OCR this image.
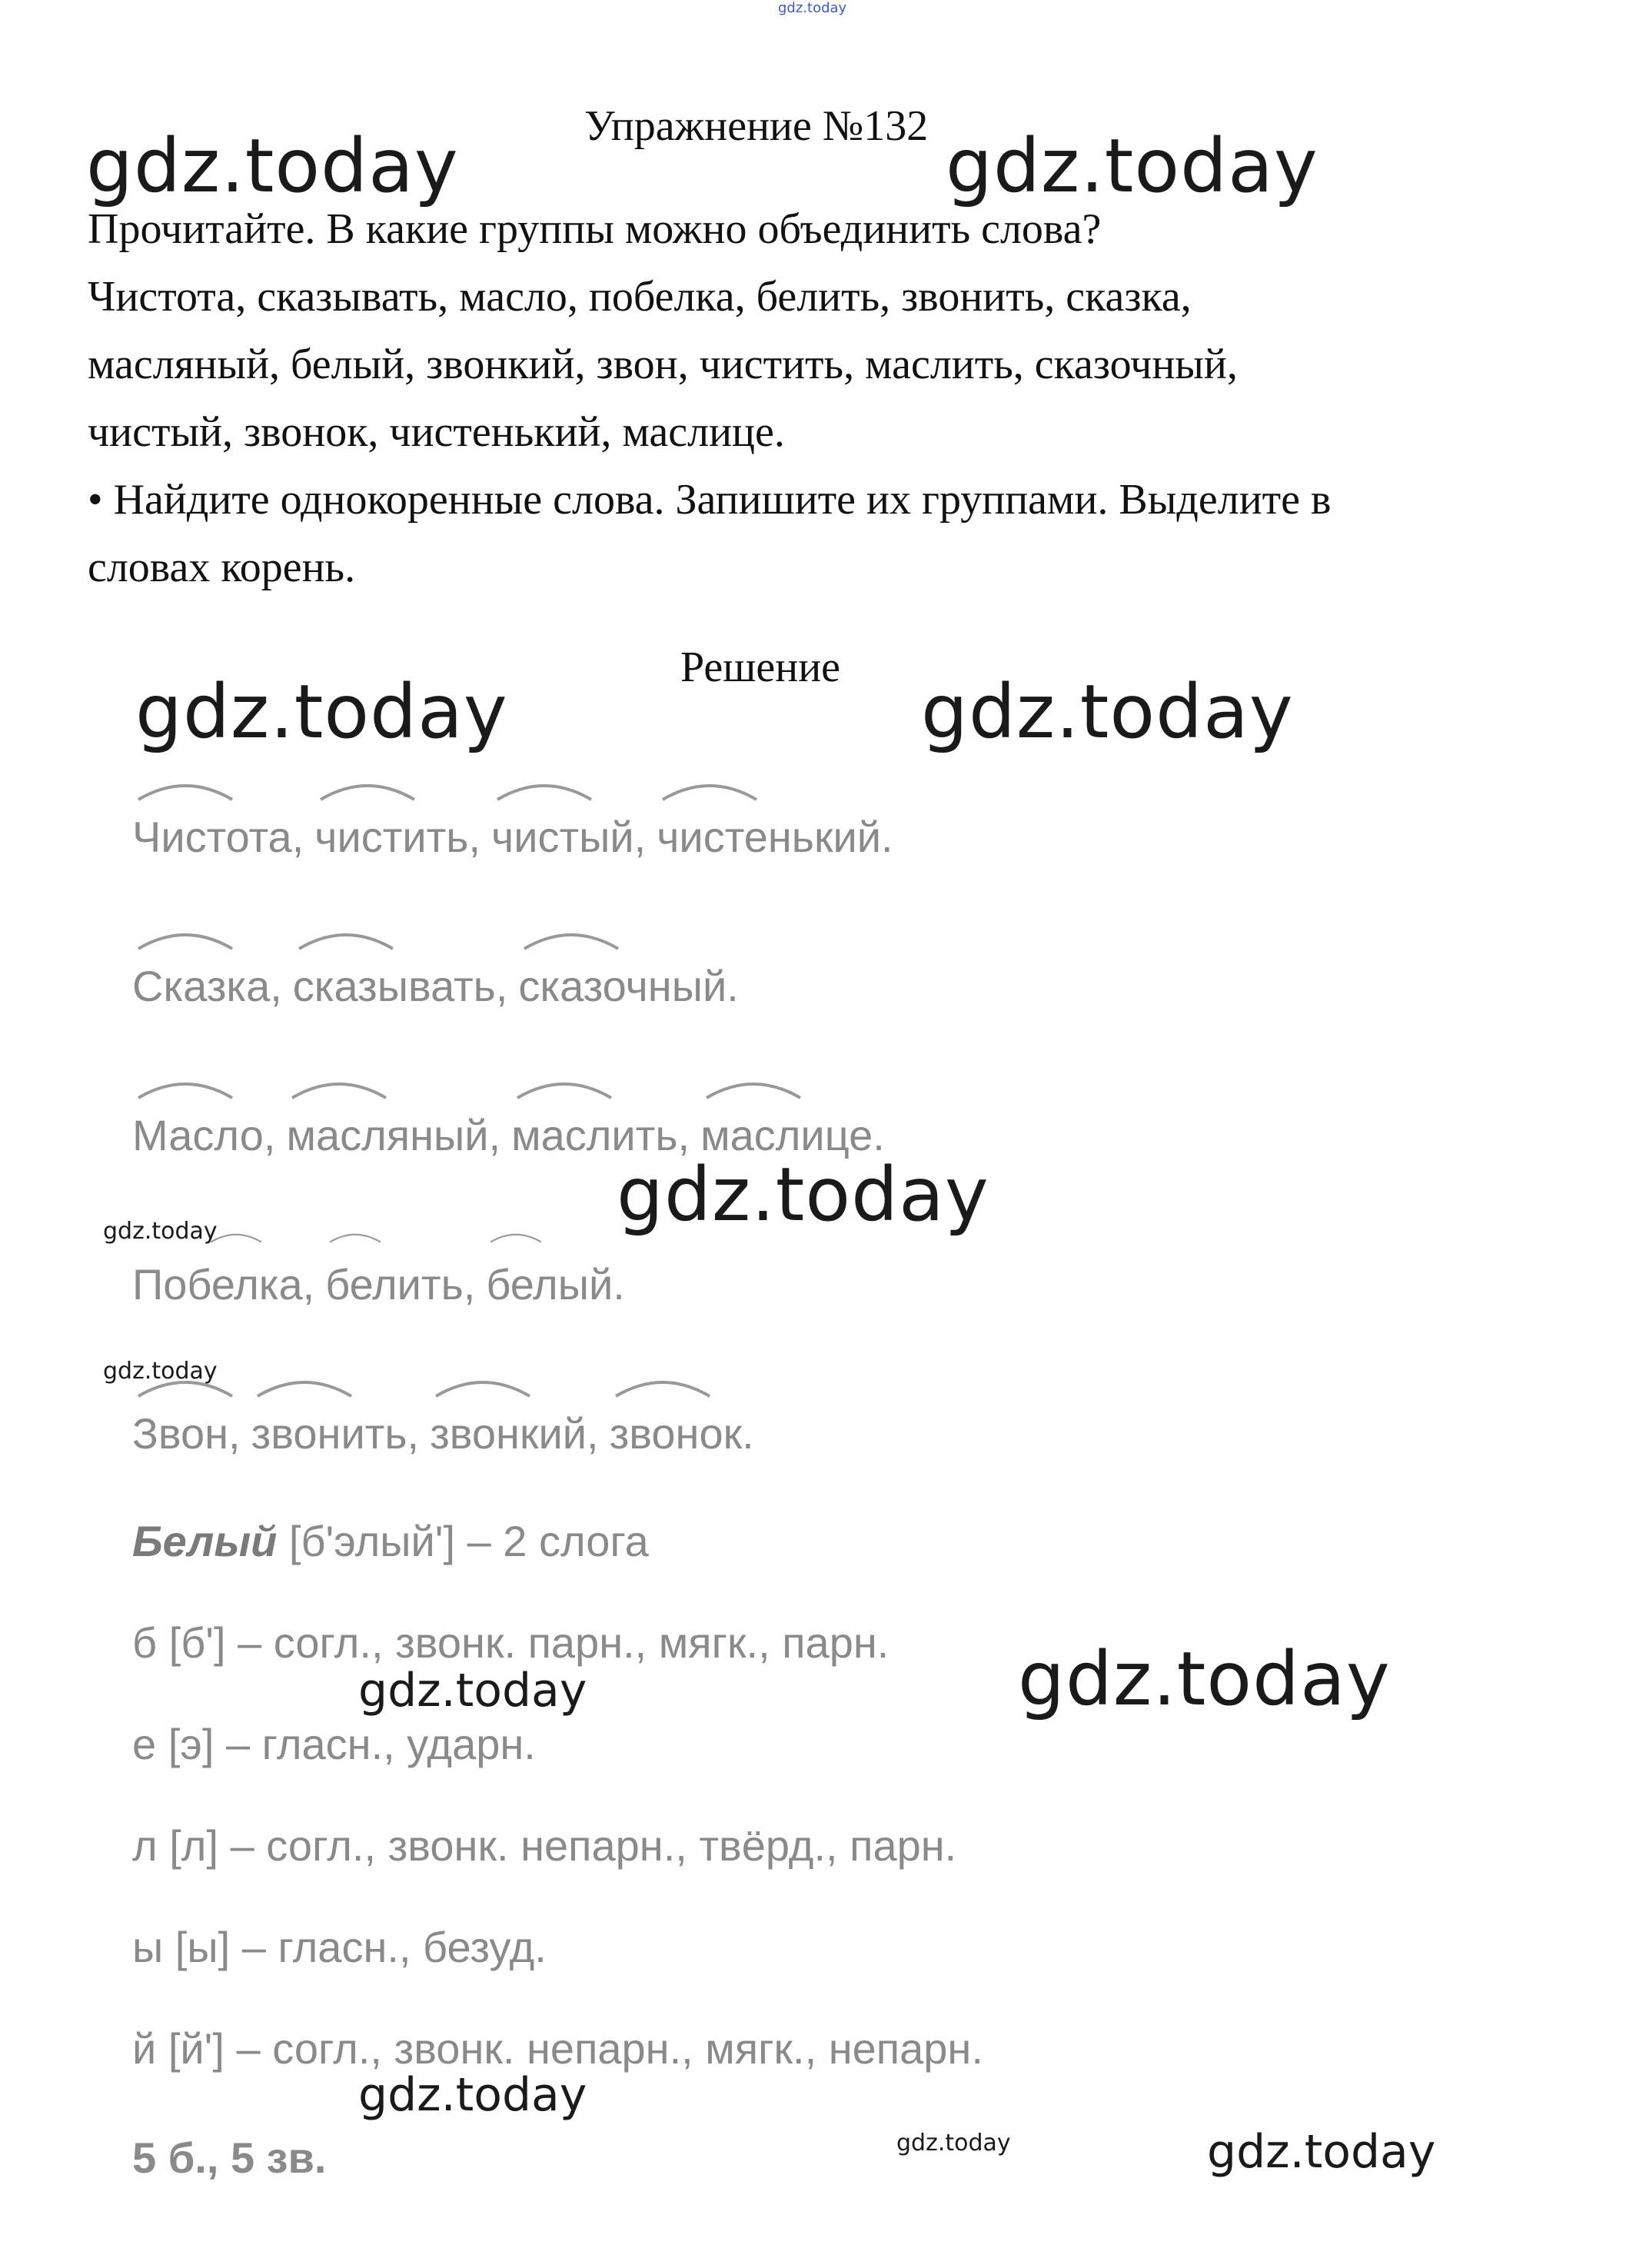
gdz.today
Упражнение №132
gdz.today	gdz.today
Прочитайте. В какие группы можно объединить слова?
Чистота, сказывать, масло, побелка, белить, звонить, сказка,
масляный, белый, звонкий, звон, чистить, маслить, сказочный,
чистый, звонок, чистенький, маслице.
• Найдите однокоренные слова. Запишите их группами. Выделите в
словах корень.
Решение
gdz.today	gdz.today
Чистота, чистить, чистый, чистенький.
Сказка, сказывать, сказочный.
Масло, масляный, маслить, маслице.
gdz.today
gdz.today
Побелка, белить, белый.
gdz.today
Звон, звонить, звонкий, звонок.
Белый [б'элый'] – 2 слога
б [б'] – согл., звонк. парн., мягк., парн. gdz.today
gdz.today
е [э] – гласн., ударн.
л [л] – согл., звонк. непарн., твёрд., парн.
ы [ы] – гласн., безуд.
й [й'] – согл., звонк. непарн., мягк., непарн.
gdz.today
5 б., 5 зв.	gdz.today	gdz.today
